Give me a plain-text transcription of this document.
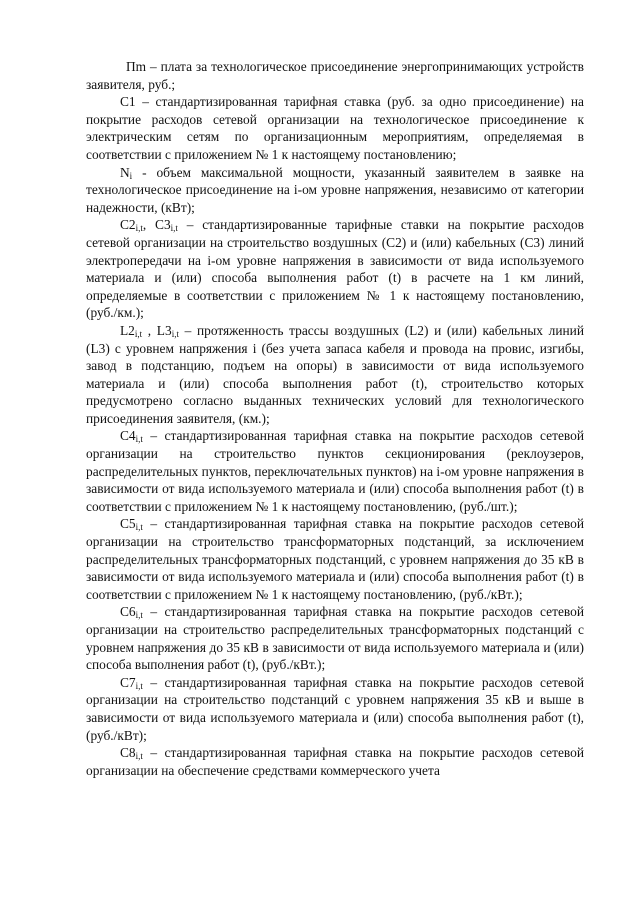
Пm – плата за технологическое присоединение энергопринимающих устройств заявителя, руб.;

C1 – стандартизированная тарифная ставка (руб. за одно присоединение) на покрытие расходов сетевой организации на технологическое присоединение к электрическим сетям по организационным мероприятиям, определяемая в соответствии с приложением № 1 к настоящему постановлению;

$N_i$ - объем максимальной мощности, указанный заявителем в заявке на технологическое присоединение на i-ом уровне напряжения, независимо от категории надежности, (кВт);

$C2_{i,t}$, $C3_{i,t}$ – стандартизированные тарифные ставки на покрытие расходов сетевой организации на строительство воздушных (С2) и (или) кабельных (С3) линий электропередачи на i-ом уровне напряжения в зависимости от вида используемого материала и (или) способа выполнения работ (t) в расчете на 1 км линий, определяемые в соответствии с приложением № 1 к настоящему постановлению, (руб./км.);

$L2_{i,t}$ , $L3_{i,t}$ – протяженность трассы воздушных (L2) и (или) кабельных линий (L3) с уровнем напряжения i (без учета запаса кабеля и провода на провис, изгибы, завод в подстанцию, подъем на опоры) в зависимости от вида используемого материала и (или) способа выполнения работ (t), строительство которых предусмотрено согласно выданных технических условий для технологического присоединения заявителя, (км.);

$C4_{i,t}$ – стандартизированная тарифная ставка на покрытие расходов сетевой организации на строительство пунктов секционирования (реклоузеров, распределительных пунктов, переключательных пунктов) на i-ом уровне напряжения в зависимости от вида используемого материала и (или) способа выполнения работ (t) в соответствии с приложением № 1 к настоящему постановлению, (руб./шт.);

$C5_{i,t}$ – стандартизированная тарифная ставка на покрытие расходов сетевой организации на строительство трансформаторных подстанций, за исключением распределительных трансформаторных подстанций, с уровнем напряжения до 35 кВ в зависимости от вида используемого материала и (или) способа выполнения работ (t) в соответствии с приложением № 1 к настоящему постановлению, (руб./кВт.);

$C6_{i,t}$ – стандартизированная тарифная ставка на покрытие расходов сетевой организации на строительство распределительных трансформаторных подстанций с уровнем напряжения до 35 кВ в зависимости от вида используемого материала и (или) способа выполнения работ (t), (руб./кВт.);

$C7_{i,t}$ – стандартизированная тарифная ставка на покрытие расходов сетевой организации на строительство подстанций с уровнем напряжения 35 кВ и выше в зависимости от вида используемого материала и (или) способа выполнения работ (t), (руб./кВт);

$C8_{i,t}$ – стандартизированная тарифная ставка на покрытие расходов сетевой организации на обеспечение средствами коммерческого учета
